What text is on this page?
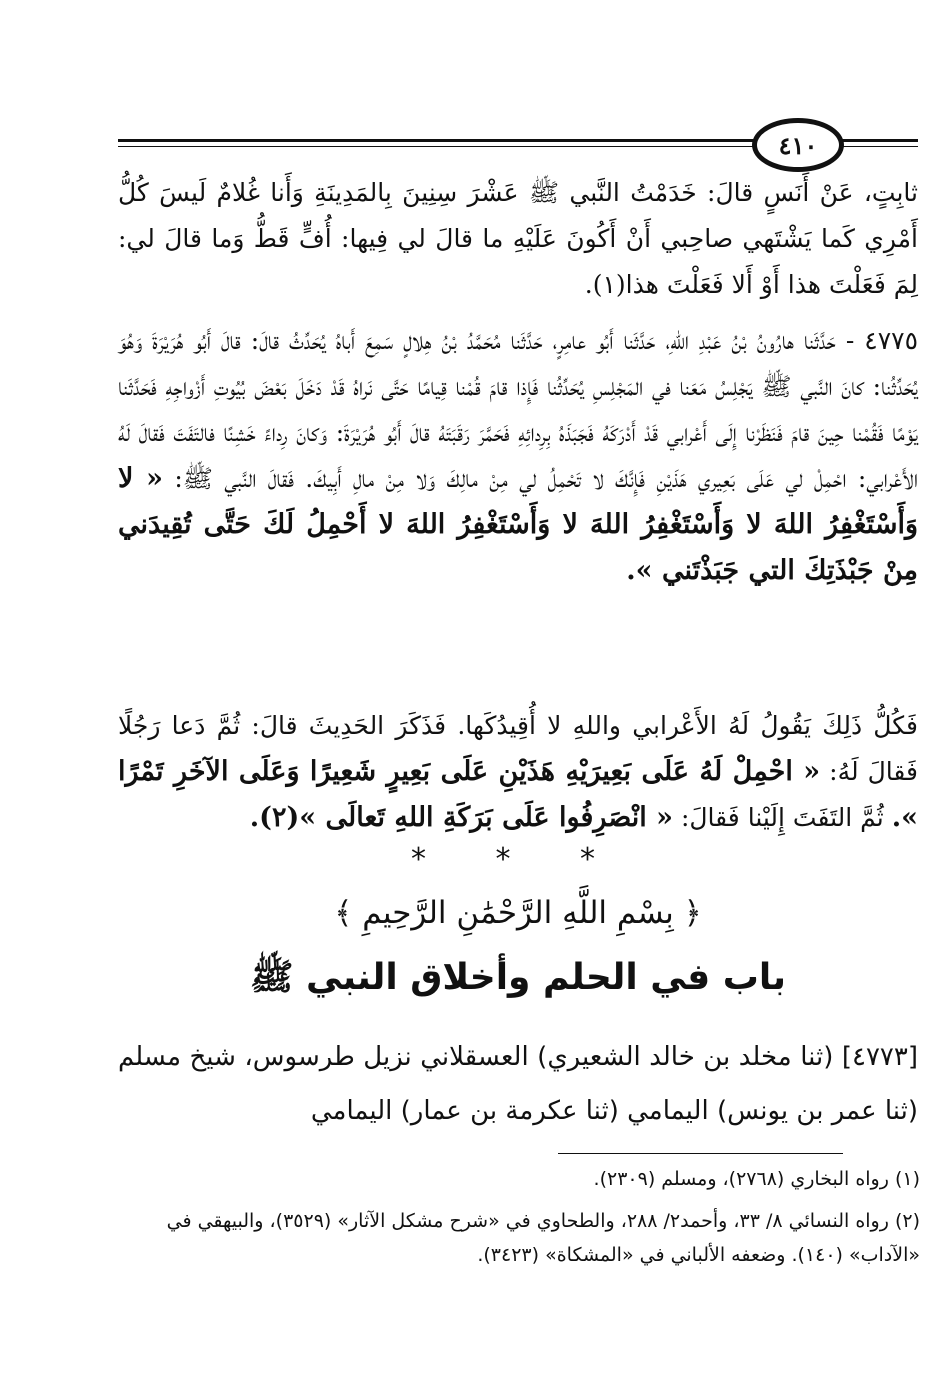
٤١٠
ثابِتٍ، عَنْ أَنَسٍ قالَ: خَدَمْتُ النَّبي ﷺ عَشْرَ سِنِينَ بِالمَدِينَةِ وَأَنا غُلامٌ لَيسَ كُلُّ أَمْرِي كَما يَشْتَهي صاحِبي أَنْ أَكُونَ عَلَيْهِ ما قالَ لي فِيها: أُفٍّ قَطُّ وَما قالَ لي: لِمَ فَعَلْتَ هذا أَوْ أَلا فَعَلْتَ هذا(١).
٤٧٧٥ - حَدَّثَنا هارُونُ بْنُ عَبْدِ اللهِ، حَدَّثَنا أَبُو عامِرٍ، حَدَّثَنا مُحَمَّدُ بْنُ هِلالٍ سَمِعَ أَباهُ يُحَدِّثُ قالَ: قالَ أَبُو هُرَيْرَةَ وَهُوَ يُحَدِّثُنا: كانَ النَّبي ﷺ يَجْلِسُ مَعَنا في المَجْلِسِ يُحَدِّثُنا فَإِذا قامَ قُمْنا قِيامًا حَتَّى نَراهُ قَدْ دَخَلَ بَعْضَ بُيُوتِ أَزْواجِهِ فَحَدَّثَنا يَوْمًا فَقُمْنا حِينَ قامَ فَنَظَرْنا إِلَى أَعْرابي قَدْ أَدْرَكَهُ فَجَبَذَهُ بِرِدائِهِ فَحَمَّرَ رَقَبَتَهُ قالَ أَبُو هُرَيْرَةَ: وَكانَ رِداءً خَشِنًا فالتَفَتَ فَقالَ لَهُ الأَعْرابي: احْمِلْ لي عَلَى بَعِيري هَذَيْنِ فَإِنَّكَ لا تَحْمِلُ لي مِنْ مالِكَ وَلا مِنْ مالِ أَبِيكَ. فَقالَ النَّبي ﷺ: « لا وَأَسْتَغْفِرُ اللهَ لا وَأَسْتَغْفِرُ اللهَ لا وَأَسْتَغْفِرُ اللهَ لا أَحْمِلُ لَكَ حَتَّى تُقِيدَني مِنْ جَبْذَتِكَ التي جَبَذْتَني ».
فَكُلُّ ذَلِكَ يَقُولُ لَهُ الأَعْرابي واللهِ لا أُقِيدُكَها. فَذَكَرَ الحَدِيثَ قالَ: ثُمَّ دَعا رَجُلًا فَقالَ لَهُ: « احْمِلْ لَهُ عَلَى بَعِيرَيْهِ هَذَيْنِ عَلَى بَعِيرٍ شَعِيرًا وَعَلَى الآخَرِ تَمْرًا ». ثُمَّ التَفَتَ إِلَيْنا فَقالَ: « انْصَرِفُوا عَلَى بَرَكَةِ اللهِ تَعالَى »(٢).
* * *
﴿ بِسْمِ اللَّهِ الرَّحْمَٰنِ الرَّحِيمِ ﴾
باب في الحلم وأخلاق النبي ﷺ
[٤٧٧٣] (ثنا مخلد بن خالد الشعيري) العسقلاني نزيل طرسوس، شيخ مسلم (ثنا عمر بن يونس) اليمامي (ثنا عكرمة بن عمار) اليمامي
(١) رواه البخاري (٢٧٦٨)، ومسلم (٢٣٠٩).
(٢) رواه النسائي ٨/ ٣٣، وأحمد٢/ ٢٨٨، والطحاوي في «شرح مشكل الآثار» (٣٥٢٩)، والبيهقي في «الآداب» (١٤٠). وضعفه الألباني في «المشكاة» (٣٤٢٣).
